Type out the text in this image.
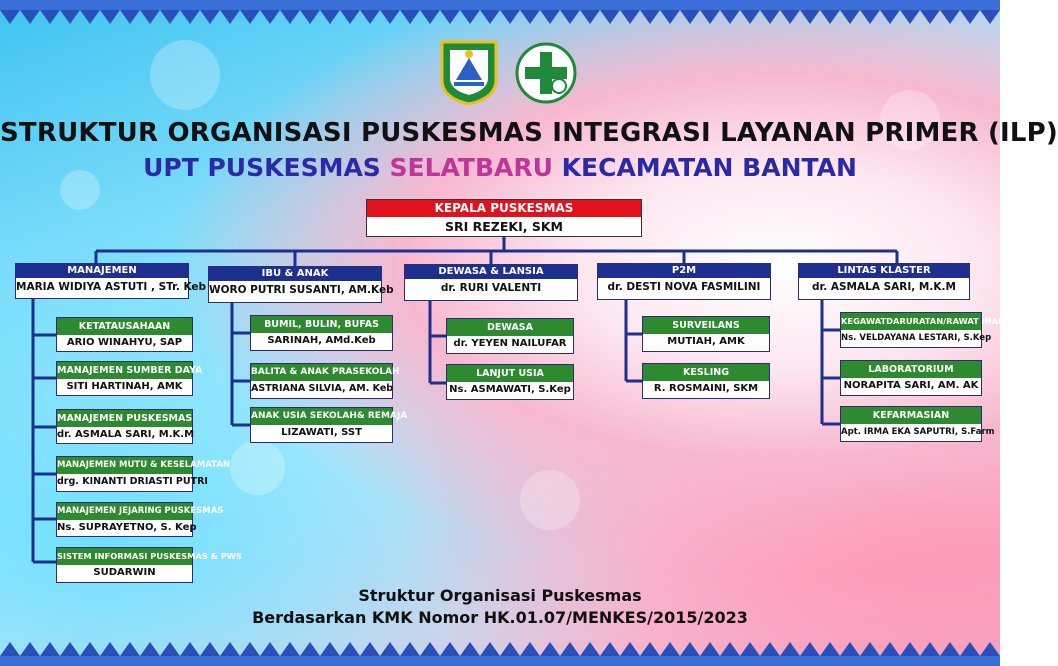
STRUKTUR ORGANISASI PUSKESMAS INTEGRASI LAYANAN PRIMER (ILP)
UPT PUSKESMAS SELATBARU KECAMATAN BANTAN
KEPALA PUSKESMAS
SRI REZEKI, SKM
MANAJEMEN
MARIA WIDIYA ASTUTI , STr. Keb
IBU & ANAK
WORO PUTRI SUSANTI, AM.Keb
DEWASA & LANSIA
dr. RURI VALENTI
P2M
dr. DESTI NOVA FASMILINI
LINTAS KLASTER
dr. ASMALA SARI, M.K.M
KETATAUSAHAAN
ARIO WINAHYU, SAP
MANAJEMEN SUMBER DAYA
SITI HARTINAH, AMK
MANAJEMEN PUSKESMAS
dr. ASMALA SARI, M.K.M
MANAJEMEN MUTU & KESELAMATAN
drg. KINANTI DRIASTI PUTRI
MANAJEMEN JEJARING PUSKESMAS
Ns. SUPRAYETNO, S. Kep
SISTEM INFORMASI PUSKESMAS & PWS
SUDARWIN
BUMIL, BULIN, BUFAS
SARINAH, AMd.Keb
BALITA & ANAK PRASEKOLAH
ASTRIANA SILVIA, AM. Keb
ANAK USIA SEKOLAH& REMAJA
LIZAWATI, SST
DEWASA
dr. YEYEN NAILUFAR
LANJUT USIA
Ns. ASMAWATI, S.Kep
SURVEILANS
MUTIAH, AMK
KESLING
R. ROSMAINI, SKM
KEGAWATDARURATAN/RAWAT INAP
Ns. VELDAYANA LESTARI, S.Kep
LABORATORIUM
NORAPITA SARI, AM. AK
KEFARMASIAN
Apt. IRMA EKA SAPUTRI, S.Farm
Struktur Organisasi Puskesmas
Berdasarkan KMK Nomor HK.01.07/MENKES/2015/2023
